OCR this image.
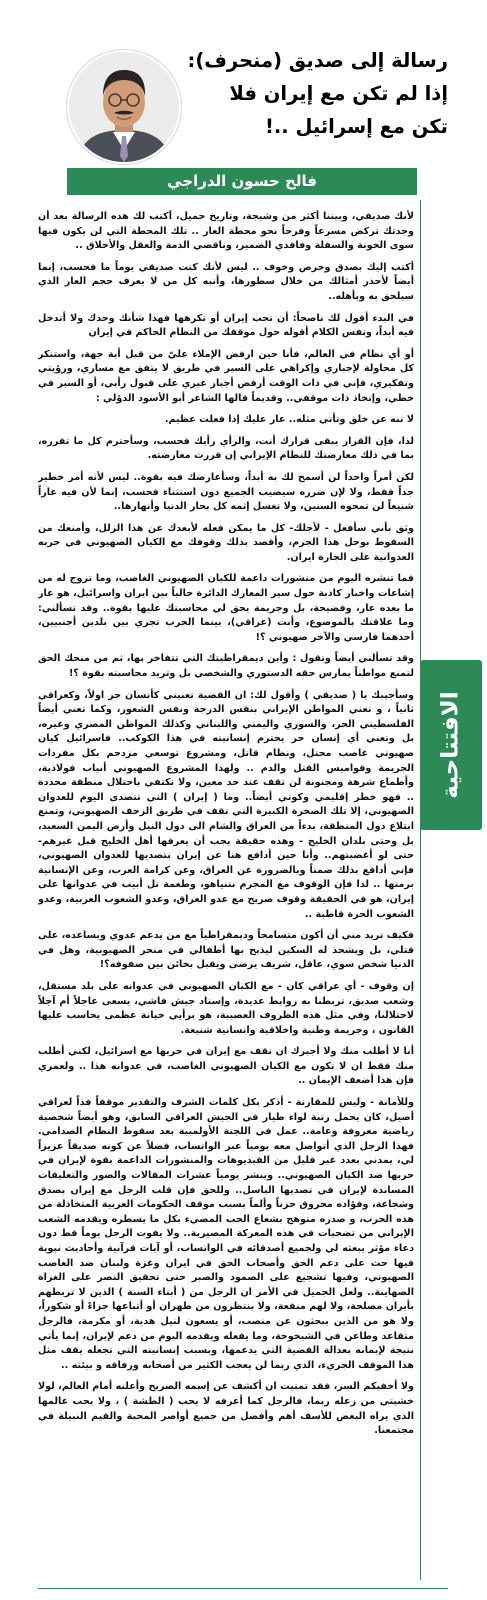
رسالة إلى صديق (منحرف):
إذا لم تكن مع إيران فلا
تكن مع إسرائيل ..!
فالح حسون الدراجي
الافتتاحية

لأنك صديقي، وبيننا أكثر من وشيجة، وتاريخ جميل، أكتب لك هذه الرسالة بعد أن وجدتك تركض مسرعاً وفرحاً نحو محطة العار .. تلك المحطة التي لن يكون فيها سوى الخونة والسفلة وفاقدي الضمير، وناقصي الذمة والعقل والأخلاق ..

أكتب إليك بصدق وحرص وخوف .. ليس لأنك كنت صديقي يوماً ما فحسب، إنما أيضاً لأحذر أمثالك من خلال سطورها، وأنبه كل من لا يعرف حجم العار الذي سيلحق به وبأهله..

في البدء أقول لك ناصحاً: أن تحب إيران أو تكرهها فهذا شأنك وحدك ولا أتدخل فيه أبداً، ونفس الكلام أقوله حول موقفك من النظام الحاكم في إيران

أو أي نظام في العالم، فأنا حين ارفض الإملاء عليّ من قبل أية جهة، واستنكر كل محاولة لإجباري وإكراهي على السير في طريق لا يتفق مع مساري، ورؤيتي وتفكيري، فإني في ذات الوقت أرفض أجبار غيري على قبول رأيي، أو السير في خطي، وإتخاذ ذات موقفي.. وقديماً قالها الشاعر أبو الأسود الدؤلي :

لا تنه عن خلق وتأتي مثله.. عار عليك إذا فعلت عظيم.

لذا، فإن القرار يبقى قرارك أنت، والرأي رأيك فحسب، وسأحترم كل ما تقرره، بما في ذلك معارضتك للنظام الإيراني إن قررت معارضته.

لكن أمراً واحداً لن أسمح لك به أبداً، وسأعارضك فيه بقوة.. ليس لأنه أمر خطير جداً فقط، ولا لإن ضرره سيصيب الجميع دون استثناء فحسب، إنما لأن فيه عاراً شنيعاً لن تمحوه السنين، ولا تغسل إثمه كل بحار الدنيا وأنهارها..

وثق بأني سأفعل - لأجلك- كل ما يمكن فعله لأبعدك عن هذا الزلل، وأمنعك من السقوط بوحل هذا الجرم، وأقصد بذلك وقوفك مع الكيان الصهيوني في حربه العدوانية على الجارة ايران.

فما تنشره اليوم من منشورات داعمة للكيان الصهيوني الغاصب، وما تروج له من إشاعات واخبار كاذبة حول سير المعارك الدائرة حالياً بين ايران واسرائيل، هو عار ما بعده عار، وفضيحة، بل وجريمة يحق لي محاسبتك عليها بقوة.. وقد تسألني: وما علاقتك بالموضوع، وأنت (عراقي)، بينما الحرب تجري بين بلدين أجنبيين، أحدهما فارسي والآخر صهيوني ؟!

وقد تسألني أيضاً وتقول : وأين ديمقراطيتك التي تتفاخر بها، ثم من منحك الحق لتمنع مواطناً يمارس حقه الدستوري والشخصي بل وتريد محاسبته بقوة ؟!

وسأجيبك يا ( صديقي ) وأقول لك: ان القضية تعنيني كأنسان حر اولاً، وكعراقي ثانياً ، و تعني المواطن الإيراني بنفس الدرجة ونفس الشعور، وكما تعني أيضاً الفلسطيني الحر، والسوري واليمني واللبناني وكذلك المواطن المصري وغيره، بل وتعني أي إنسان حر يحترم إنسانيته في هذا الكوكب.. فاسرائيل كيان صهيوني غاصب محتل، ونظام قاتل، ومشروع توسعي مزدحم بكل مفردات الجريمة وقواميس القتل والدم .. ولهذا المشروع الصهيوني أنياب فولاذية، وأطماع شرهة ومجنونة لن تقف عند حد معين، ولا تكتفي باحتلال منطقة محددة .. فهو خطر إقليمي وكوني أيضاً.. وما ( إيران ) التي تتصدى اليوم للعدوان الصهيوني، إلا تلك الصخرة الكبيرة التي تقف في طريق الزحف الصهيوني، وتمنع ابتلاع دول المنطقة، بدءاً من العراق والشام الى دول النيل وأرض اليمن السعيد، بل وحتى بلدان الخليج - وهذه حقيقة يجب أن يعرفها أهل الخليج قبل غيرهم- حتى لو أغضبتهم.. وأنا حين أدافع هنا عن إيران بتصديها للعدوان الصهيوني، فإني أدافع بذلك ضمناً وبالضرورة عن العراق، وعن كرامة العرب، وعن الإنسانية برمتها .. لذا فإن الوقوف مع المجرم نتنياهو، وطغمة تل أبيب في عدوانها على إيران، هو في الحقيقة وقوف صريح مع عدو العراق، وعدو الشعوب العربية، وعدو الشعوب الحرة قاطبة ..

فكيف تريد مني أن أكون متسامحاً وديمقراطياً مع من يدعم عدوي ويساعده، على قتلي، بل ويشحذ له السكين ليذبح بها أطفالي في منحر الصهيونية، وهل في الدنيا شخص سوي، عاقل، شريف يرضى ويقبل بخائن بين صفوفه؟!

إن وقوف - أي عراقي كان - مع الكيان الصهيوني في عدوانه على بلد مستقل، وشعب صديق، تربطنا به روابط عديدة، وإسناد جيش فاشي، يسعى عاجلاً أم آجلاً لاحتلالنا، وفي مثل هذه الظروف العصيبة، هو برأيي خيانة عظمى يحاسب عليها القانون ، وجريمة وطنية واخلاقية وانسانية شنيعة.

أنا لا أطلب منك ولا أجبرك ان تقف مع إيران في حربها مع اسرائيل، لكني أطلب منك فقط ان لا تكون مع الكيان الصهيوني الغاصب، في عدوانه هذا .. ولعمري فإن هذا أضعف الإيمان ..

وللأمانة - وليس للمقارنة - أذكر بكل كلمات الشرف والتقدير موقفاً فذاً لعراقي أصيل، كان يحمل رتبة لواء طيار في الجيش العراقي السابق، وهو أيضاً شخصية رياضية معروفة وعامة.. عمل في اللجنة الأولمبية بعد سقوط النظام الصدامي. فهذا الرجل الذي أتواصل معه يومياً عبر الواتساب، فضلاً عن كونه صديقاً عزيزاً لي، يمدني بعدد غير قليل من الفيديوهات والمنشورات الداعمة بقوة لإيران في حربها ضد الكيان الصهيوني.. وينشر يومياً عشرات المقالات والصور والتعليقات المساندة لإيران في تصديها الباسل.. وللحق فإن قلب الرجل مع إيران بصدق وشجاعة، وفؤاده محروق حزناً وألماً بسبب موقف الحكومات العربية المتخاذلة من هذه الحرب، و صدره متوهج بشعاع الحب المضيء بكل ما يسطره ويقدمه الشعب الإيراني من تضحيات في هذه المعركة المصيرية.. ولا يفوت الرجل يوماً قط دون دعاء مؤثر يبعثه لي ولجميع أصدقائه في الواتساب، أو آيات قرآنية وأحاديث نبوية فيها حث على دعم الحق وأصحاب الحق في ايران وغزة ولبنان ضد الغاصب الصهيوني، وفيها تشجيع على الصمود والصبر حتى تحقيق النصر على الغزاة الصهاينة.. ولعل الجميل في الأمر ان الرجل من ( أبناء السنة ) الذين لا تربطهم بأيران مصلحة، ولا لهم منفعة، ولا ينتظرون من طهران أو أتباعها جزاءً أو شكوراً، ولا هو من الذين يبحثون عن منصب، أو يسعون لنيل هدية، أو مكرمة، فالرجل متقاعد وطاعن في الشيخوخة، وما يفعله ويقدمه اليوم من دعم لإيران، إنما يأتي نتيجة لإيمانه بعدالة القضية التي يدعمها، وبسبب إنسانيته التي تجعله يقف مثل هذا الموقف الجريء، الذي ربما لن يعجب الكثير من أصحابه ورفاقه و بيئته ..

ولا أخفيكم السر، فقد تمنيت ان أكشف عن إسمه الصريح وأعلنه أمام العالم، لولا خشيتي من زعله ربما، فالرجل كما أعرفه لا يحب ( الطشة ) ، ولا يحب عالمها الذي يراه البعض للأسف أهم وأفضل من جميع أواصر المحبة والقيم النبيلة في مجتمعنا.
